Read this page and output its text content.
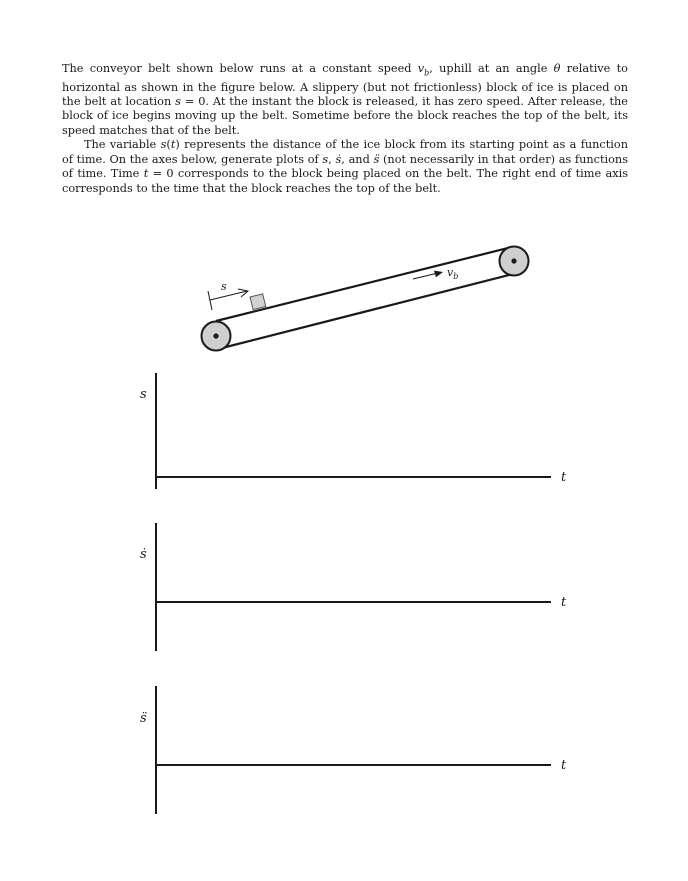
The conveyor belt shown below runs at a constant speed $v_b$, uphill at an angle θ relative to horizontal as shown in the figure below. A slippery (but not frictionless) block of ice is placed on the belt at location s = 0. At the instant the block is released, it has zero speed. After release, the block of ice begins moving up the belt. Sometime before the block reaches the top of the belt, its speed matches that of the belt.

The variable s(t) represents the distance of the ice block from its starting point as a function of time. On the axes below, generate plots of s, ṡ, and s̈ (not necessarily in that order) as functions of time. Time t = 0 corresponds to the block being placed on the belt. The right end of time axis corresponds to the time that the block reaches the top of the belt.

s
$v_b$
s
t
ṡ
t
s̈
t
